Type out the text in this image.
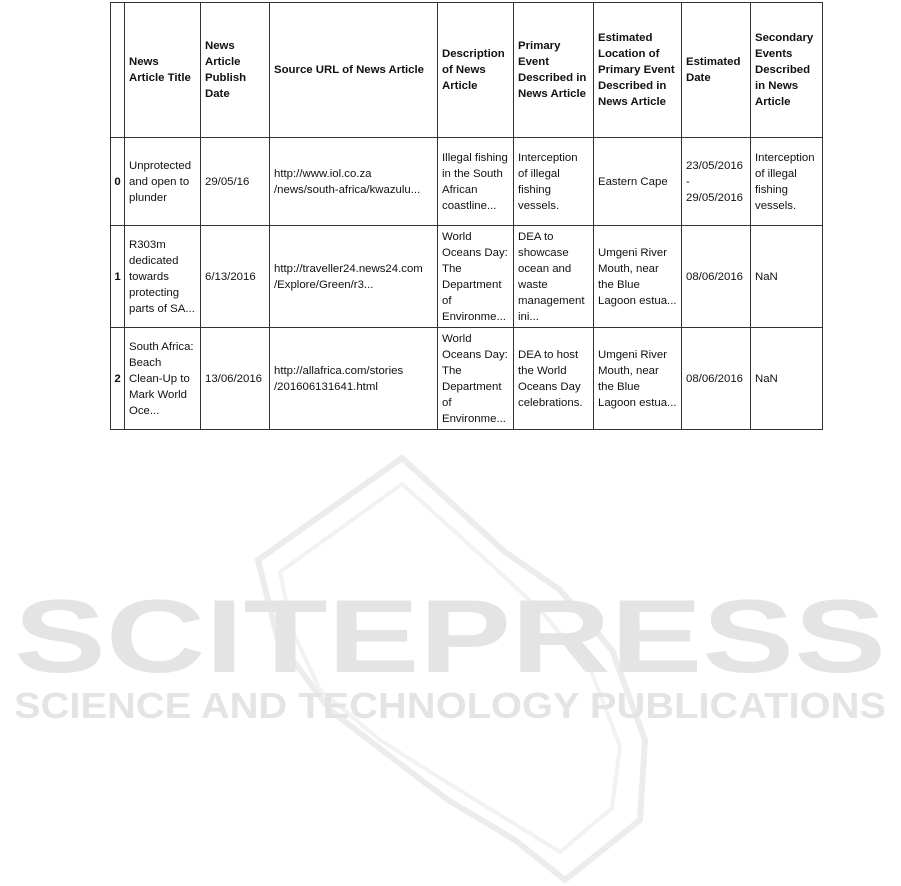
	News Article Title	News Article Publish Date	Source URL of News Article	Description of News Article	Primary Event Described in News Article	Estimated Location of Primary Event Described in News Article	Estimated Date	Secondary Events Described in News Article
0	Unprotected and open to plunder	29/05/16	http://www.iol.co.za /news/south-africa/kwazulu...	Illegal fishing in the South African coastline...	Interception of illegal fishing vessels.	Eastern Cape	23/05/2016 - 29/05/2016	Interception of illegal fishing vessels.
1	R303m dedicated towards protecting parts of SA...	6/13/2016	http://traveller24.news24.com /Explore/Green/r3...	World Oceans Day: The Department of Environme...	DEA to showcase ocean and waste management ini...	Umgeni River Mouth, near the Blue Lagoon estua...	08/06/2016	NaN
2	South Africa: Beach Clean-Up to Mark World Oce...	13/06/2016	http://allafrica.com/stories /201606131641.html	World Oceans Day: The Department of Environme...	DEA to host the World Oceans Day celebrations.	Umgeni River Mouth, near the Blue Lagoon estua...	08/06/2016	NaN
SCITEPRESS
SCIENCE AND TECHNOLOGY PUBLICATIONS
